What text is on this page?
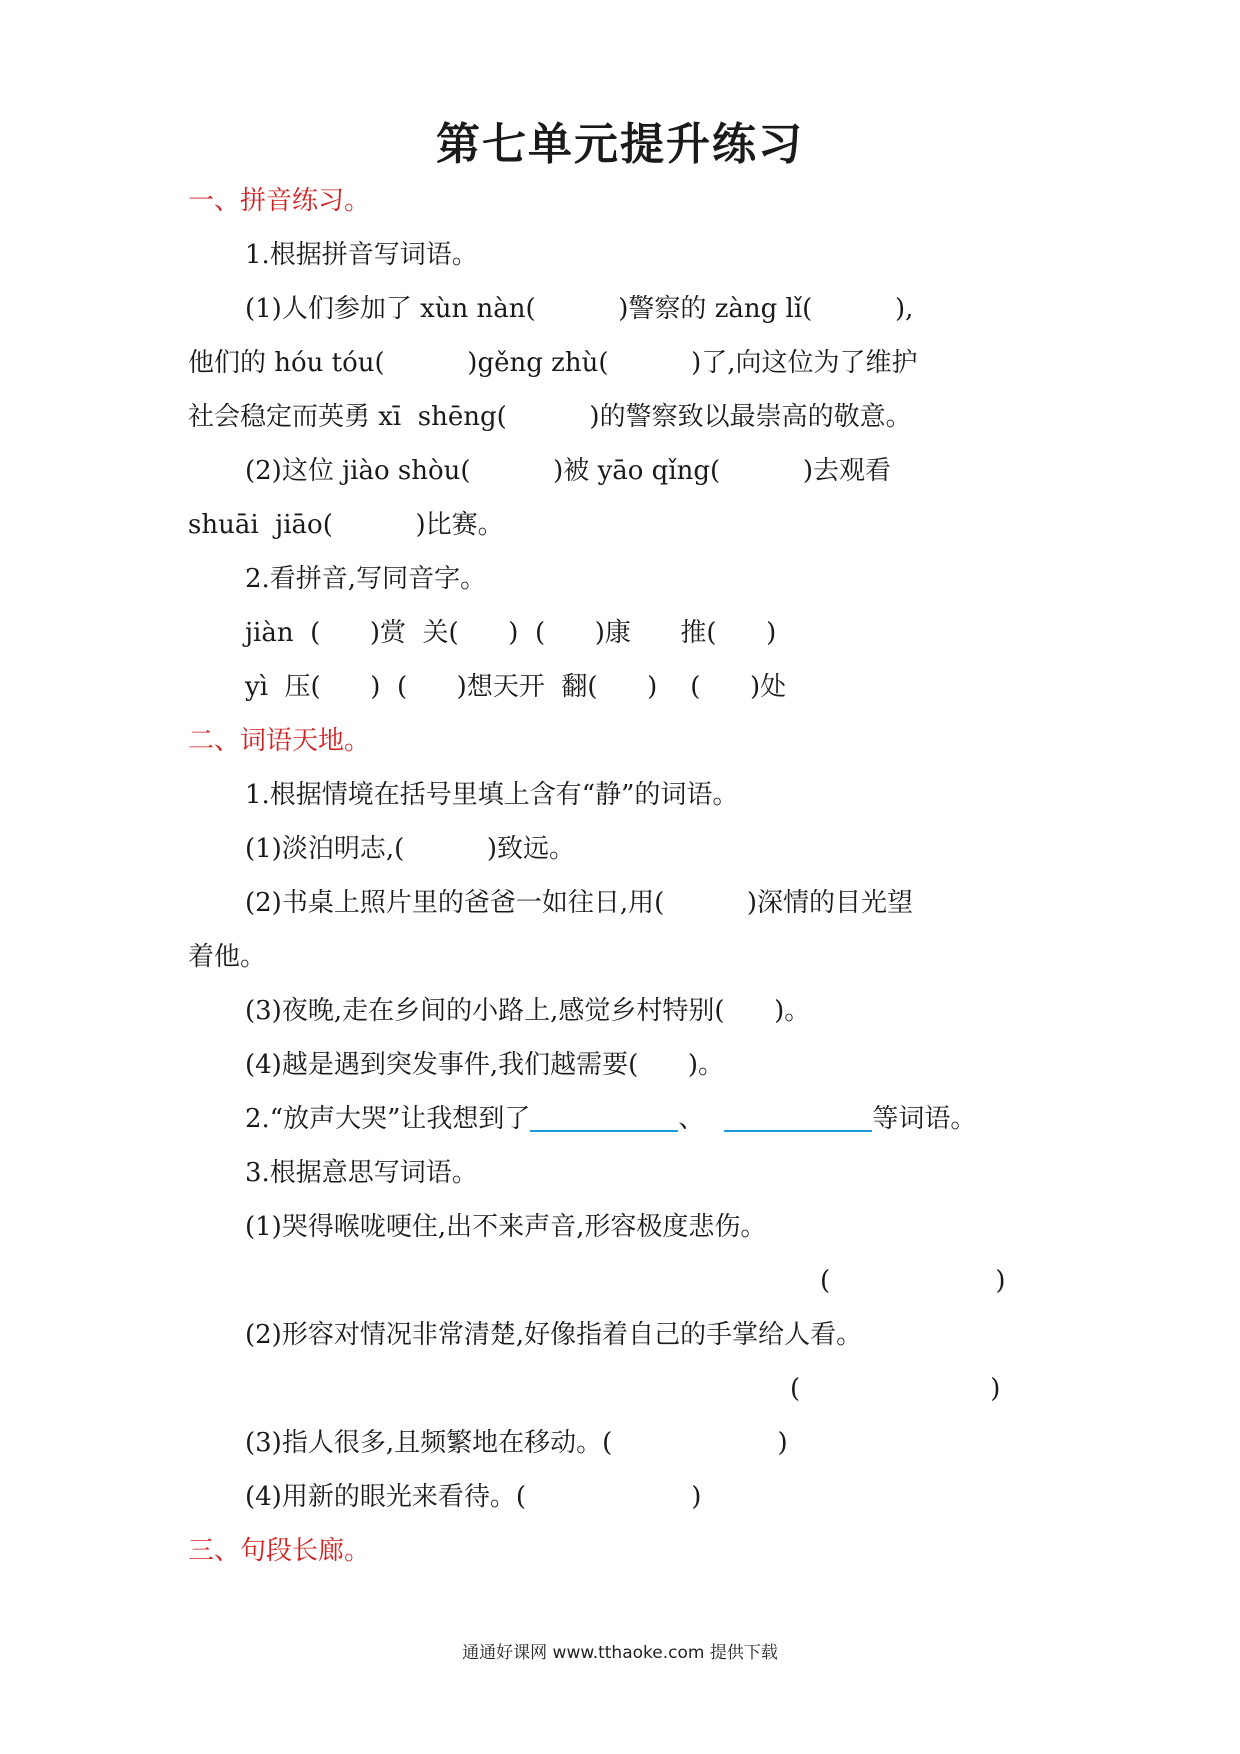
第七单元提升练习
一、拼音练习。
1.根据拼音写词语。
(1)人们参加了 xùn nàn(          )警察的 zàng lǐ(          ),
他们的 hóu tóu(          )gěng zhù(          )了,向这位为了维护
社会稳定而英勇 xī  shēng(          )的警察致以最崇高的敬意。
(2)这位 jiào shòu(          )被 yāo qǐng(          )去观看
shuāi  jiāo(          )比赛。
2.看拼音,写同音字。
jiàn  (      )赏  关(      )  (      )康      推(      )
yì  压(      )  (      )想天开  翻(      )    (      )处
二、词语天地。
1.根据情境在括号里填上含有“静”的词语。
(1)淡泊明志,(          )致远。
(2)书桌上照片里的爸爸一如往日,用(          )深情的目光望
着他。
(3)夜晚,走在乡间的小路上,感觉乡村特别(      )。
(4)越是遇到突发事件,我们越需要(      )。
2.“放声大哭”让我想到了	、	等词语。
3.根据意思写词语。
(1)哭得喉咙哽住,出不来声音,形容极度悲伤。
(                    )
(2)形容对情况非常清楚,好像指着自己的手掌给人看。
(                       )
(3)指人很多,且频繁地在移动。(                    )
(4)用新的眼光来看待。(                    )
三、句段长廊。
通通好课网 www.tthaoke.com 提供下载
